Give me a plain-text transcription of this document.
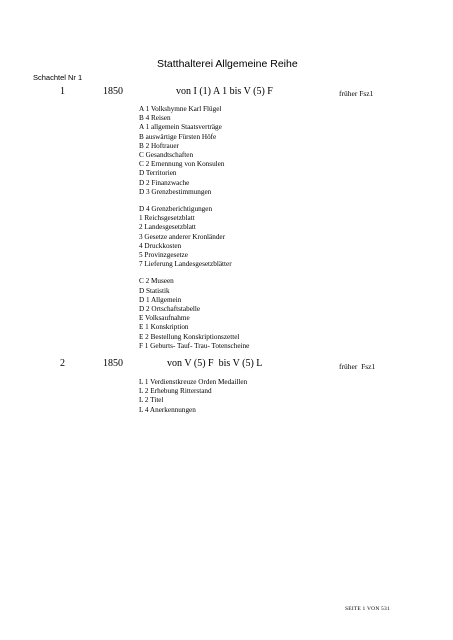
Statthalterei Allgemeine Reihe
Schachtel Nr 1
1	1850	von I (1) A 1 bis V (5) F	früher Fsz1
A 1 Volkshymne Karl Flügel
B 4 Reisen
A 1 allgemein Staatsverträge
B auswärtige Fürsten Höfe
B 2 Hoftrauer
C Gesandtschaften
C 2 Ernennung von Konsulen
D Territorien
D 2 Finanzwache
D 3 Grenzbestimmungen
D 4 Grenzberichtigungen
1 Reichsgesetzblatt
2 Landesgesetzblatt
3 Gesetze anderer Kronländer
4 Druckkosten
5 Provinzgesetze
7 Lieferung Landesgesetzblätter
C 2 Museen
D Statistik
D 1 Allgemein
D 2 Ortschaftstabelle
E Volksaufnahme
E 1 Konskription
E 2 Bestellung Konskriptionszettel
F 1 Geburts- Tauf- Trau- Totenscheine
2	1850	von V (5) F  bis V (5) L	früher  Fsz1
L 1 Verdienstkreuze Orden Medaillen
L 2 Erhebung Ritterstand
L 2 Titel
L 4 Anerkennungen
SEITE 1 VON 531
